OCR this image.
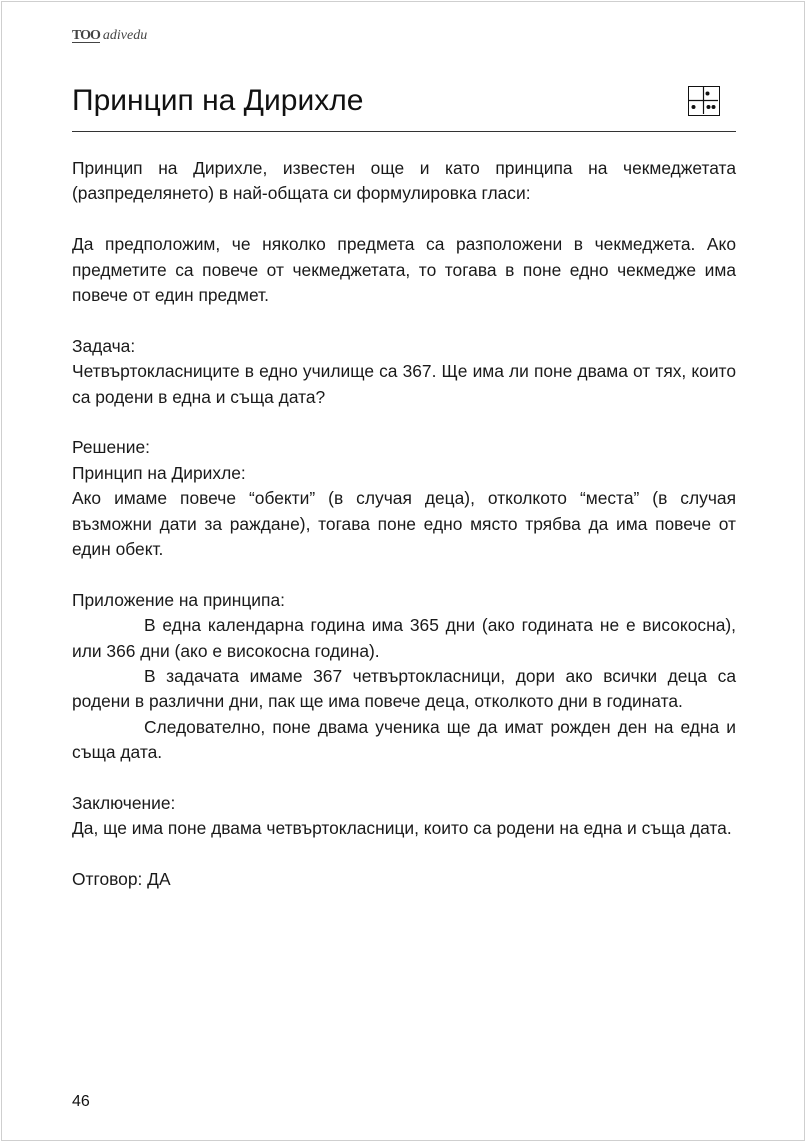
TOO adivedu
Принцип на Дирихле

Принцип на Дирихле, известен още и като принципа на чекмеджетата (разпределянето) в най-общата си формулировка гласи:

Да предположим, че няколко предмета са разположени в чекмеджета. Ако предметите са повече от чекмеджетата, то тогава в поне едно чекмедже има повече от един предмет.

Задача:

Четвъртокласниците в едно училище са 367. Ще има ли поне двама от тях, които са родени в една и съща дата?

Решение:

Принцип на Дирихле:

Ако имаме повече “обекти” (в случая деца), отколкото “места” (в случая възможни дати за раждане), тогава поне едно място трябва да има повече от един обект.

Приложение на принципа:

В една календарна година има 365 дни (ако годината не е високосна), или 366 дни (ако е високосна година).

В задачата имаме 367 четвъртокласници, дори ако всички деца са родени в различни дни, пак ще има повече деца, отколкото дни в годината.

Следователно, поне двама ученика ще да имат рожден ден на една и съща дата.

Заключение:

Да, ще има поне двама четвъртокласници, които са родени на една и съща дата.

Отговор: ДА

46
